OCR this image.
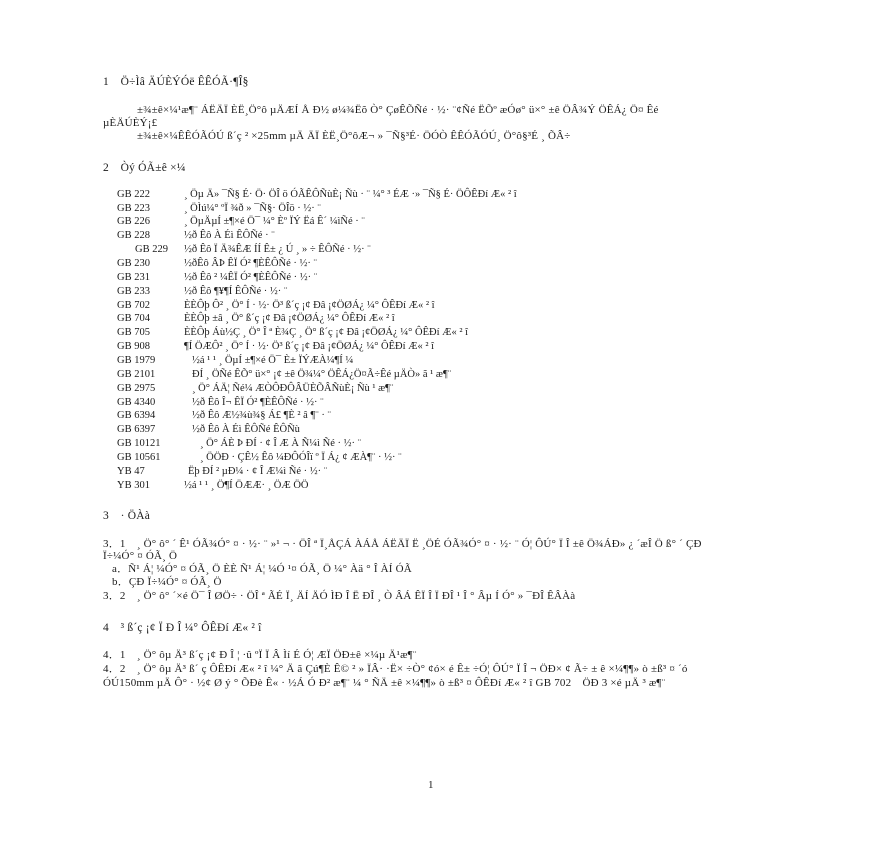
1　Ö÷Ìâ ÄÚÈÝÓë ÊÊÓÃ·¶Î§
±¾±ê×¼¹æ¶¨ ÁËÄÏ ÈË¸Ö°ô µÄÆÍ Å Ð½ ø¼¾Ëõ Ò° ÇøÊÕÑé · ½· ¨¢Ñé ËÕº æÓø° ü×° ±ê ÖÂ¾Ý ÖÊÁ¿ Ö¤ Êé
µÈÄÚÈÝ¡£
±¾±ê×¼ÊÊÓÃÓÚ ß´ç ² ×25mm µÄ ÄÏ ÈË¸Ö°ôÆ¬ » ¯Ñ§³É· ÖÓÒ ÊÊÓÃÓÚ¸ Ö°ô§³É ¸ ÕÂ÷
2　Òý ÓÃ±ê ×¼
GB 222	¸ Öµ Ä» ¯Ñ§ É· Ö· ÖÎ ö ÓÃÊÔÑùÈ¡ Ñù · ¨ ¼° ³ ÉÆ ·» ¯Ñ§ É· ÖÔÊÐí Æ« ² î
GB 223	¸ ÖÌú¼° ºÏ ¾ð » ¯Ñ§· ÖÎö · ½· ¨
GB 226	¸ ÖµÄµÍ ±¶×é Ö¯ ¼° Èº ÏÝ Ëá Ê´ ¼ìÑé · ¨
GB 228	½ð Êô À Éì ÊÔÑé · ¨
GB 229 ½ð Êô Ï Ä¾ÊÆ ÍÍ Ê± ¿ Ú ¸ » ÷ ÊÔÑé · ½· ¨
GB 230	½ðÊô ÂÞ ÊÏ Ó² ¶ÈÊÔÑé · ½· ¨
GB 231	½ð Êô ² ¼ÊÏ Ó² ¶ÈÊÔÑé · ½· ¨
GB 233	½ð Êô ¶¥¶Í ÊÔÑé · ½· ¨
GB 702	ÈÈÔþ Ô² ¸ Ö° Í · ½· Ö³ ß´ç ¡¢ Ðâ ¡¢ÖØÁ¿ ¼° ÔÊÐí Æ« ² î
GB 704	ÈÈÔþ ±â ¸ Ö° ß´ç ¡¢ Ðâ ¡¢ÖØÁ¿ ¼° ÔÊÐí Æ« ² î
GB 705	ÈÈÔþ Áù½Ç ¸ Ö° Î ª È¾Ç ¸ Ö° ß´ç ¡¢ Ðâ ¡¢ÖØÁ¿ ¼° ÔÊÐí Æ« ² î
GB 908	¶Í ÖÆÔ² ¸ Ö° Í · ½· Ö³ ß´ç ¡¢ Ðâ ¡¢ÖØÁ¿ ¼° ÔÊÐí Æ« ² î
GB 1979	½á ¹ ¹ ¸ ÖµÍ ±¶×é Ö¯ È± ÏÝÆÀ¼¶Í ¼
GB 2101	ÐÍ ¸ ÖÑé ÊÕ° ü×° ¡¢ ±ê Ö¾¼° ÖÊÁ¿Ö¤Ã÷Êé µÄÒ» ã ¹ æ¶¨
GB 2975	¸ Ö° ÁÄ¦ Ñé¼ ÆÒÔÐÔÂÜÈÕÂÑùÈ¡ Ñù ¹ æ¶¨
GB 4340	½ð Êô Î¬ ÊÏ Ó² ¶ÈÊÔÑé · ½· ¨
GB 6394	½ð Êô Æ½¾ù¾§ Á£ ¶È ² â ¶¨ · ¨
GB 6397	½ð Êô À Éì ÊÔÑé ÊÔÑù
GB 10121	¸ Ö° ÁÈ Þ ÐÍ · ¢ Î Æ À Ñ¼ì Ñé · ½· ¨
GB 10561	¸ ÖÖÐ · ÇÊ½ Êô ¼ÐÔÓÎï º Ï Á¿ ¢ ÆÀ¶¨ · ½· ¨
YB 47	Ëþ ÐÍ ² µÐ¼ · ¢ Î Æ¼ì Ñé · ½· ¨
YB 301	½á ¹ ¹ ¸ Ö¶Í ÖÆÆ· ¸ ÖÆ ÖÖ
3　· ÖÀà
3．1　¸ Ö° ô° ´ Ê¹ ÓÃ¾Ó° ¤ · ½· ¨ »¹ ¬ · ÖÎ ª Ï¸ÅÇÁ ÀÁÅ ÁËÄÏ Ë ¸ÖÉ ÓÃ¾Ó° ¤ · ½· ¨ Ó¦ ÔÚ° Ï Î ±ê Ö¾ÁÐ» ¿ ´æÎ Ö ß° ´ ÇÐ
Ï÷¼Ó° ¤ ÓÃ¸ Ö
a．Ñ¹ Á¦ ¼Ó° ¤ ÓÃ¸ Ö ÈÈ Ñ¹ Á¦ ¼Ó ¹¤ ÓÃ¸ Ö ¼° Àä ° Î ÀÍ ÓÃ
b．ÇÐ Ï÷¼Ó° ¤ ÓÃ¸ Ö
3．2　¸ Ö° ô° ´×é Ö¯ Î ØÖ÷ · ÖÎ ª ÃÉ Ï¸ ÄÍ ÄÓ ÌÐ Î Ë ÐÎ ¸ Ò ÂÁ ÊÏ Î Ï ÐÎ ¹ Î ° Âµ Í Ó° » ¯ÐÎ ÊÂÀà
4　³ ß´ç ¡¢ Ï Ð Î ¼° ÔÊÐí Æ« ² î
4．1　¸ Ö° ôµ Ä³ ß´ç ¡¢ Ð Î ¦ ·û ºÏ Ï Â Ìí É Ó¦ ÆÏ ÖÐ±ê ×¼µ Ä¹æ¶¨
4．2　¸ Ö° ôµ Ä³ ß´ ç ÔÊÐí Æ« ² î ¼° Ä ã Çú¶È Ê© ² » ÏÂ· ·Ë× ÷Ò° ¢ó× é Ê± ÷Ó¦ ÔÚ° Ï Î ¬ ÖÐ× ¢ Ã÷ ± ê ×¼¶¶» ò ±ß³ ¤ ´ó
ÓÚ150mm µÄ Ô° · ½¢ Ø ý ° ÕÐè Ê« · ½Á Ó Ð² æ¶¨ ¼ ° ÑÄ ±ê ×¼¶¶» ò ±ß³ ¤ ÔÊÐí Æ« ² î GB 702　ÖÐ 3 ×é µÄ ³ æ¶¨
1
